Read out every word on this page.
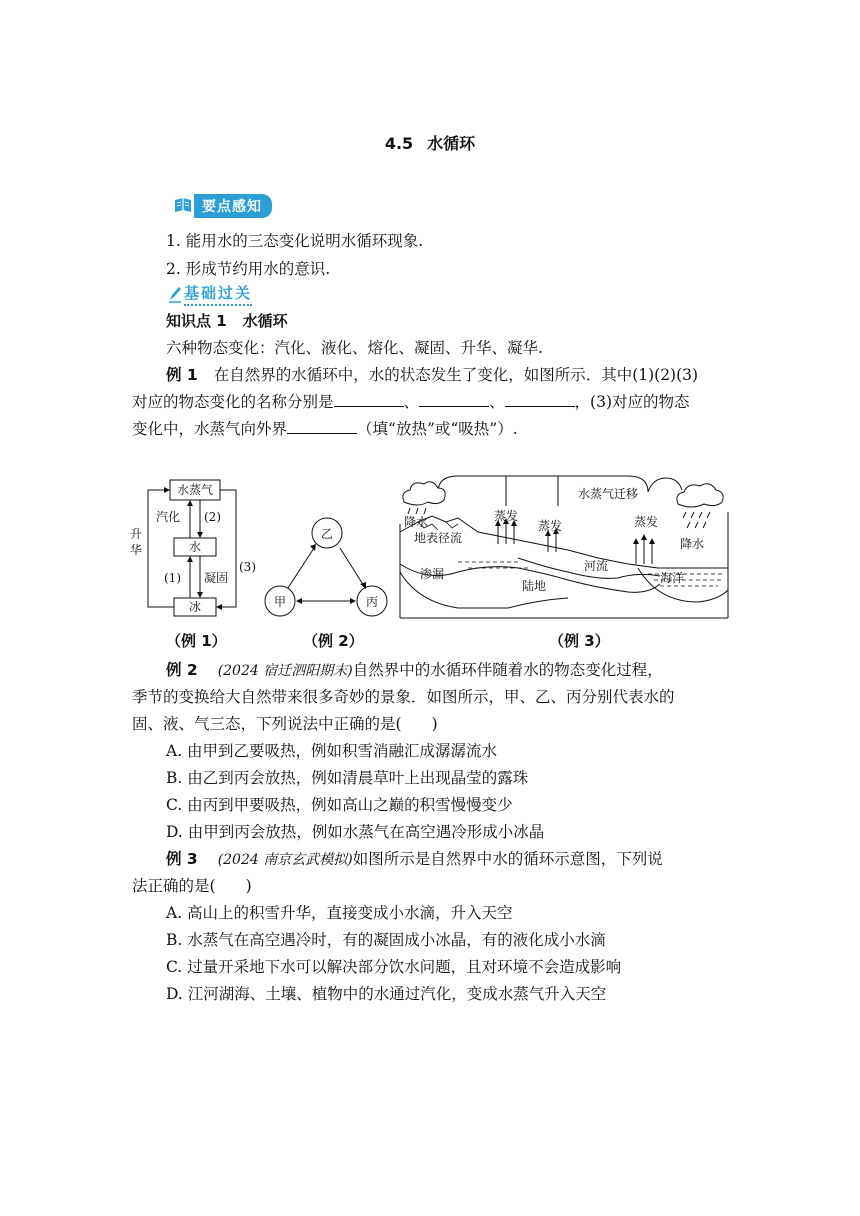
4.5 水循环
要点感知
1. 能用水的三态变化说明水循环现象.
2. 形成节约用水的意识.
基础过关
知识点 1 水循环
六种物态变化：汽化、液化、熔化、凝固、升华、凝华.
例 1 在自然界的水循环中，水的状态发生了变化，如图所示．其中(1)(2)(3)
对应的物态变化的名称分别是	、	、	，(3)对应的物态
变化中，水蒸气向外界	（填“放热”或“吸热”）.
水蒸气
水
冰
汽化 (2)
升
华
(1) 凝固
(3)
（例 1）
乙
甲	丙
（例 2）
水蒸气迁移
降水	蒸发
蒸发	蒸发
降水
地表径流
河流
渗漏
陆地
海洋
（例 3）
例 2 (2024 宿迁泗阳期末)自然界中的水循环伴随着水的物态变化过程，
季节的变换给大自然带来很多奇妙的景象．如图所示，甲、乙、丙分别代表水的
固、液、气三态，下列说法中正确的是( )
A. 由甲到乙要吸热，例如积雪消融汇成潺潺流水
B. 由乙到丙会放热，例如清晨草叶上出现晶莹的露珠
C. 由丙到甲要吸热，例如高山之巅的积雪慢慢变少
D. 由甲到丙会放热，例如水蒸气在高空遇冷形成小冰晶
例 3 (2024 南京玄武模拟)如图所示是自然界中水的循环示意图，下列说
法正确的是( )
A. 高山上的积雪升华，直接变成小水滴，升入天空
B. 水蒸气在高空遇冷时，有的凝固成小冰晶，有的液化成小水滴
C. 过量开采地下水可以解决部分饮水问题，且对环境不会造成影响
D. 江河湖海、土壤、植物中的水通过汽化，变成水蒸气升入天空
